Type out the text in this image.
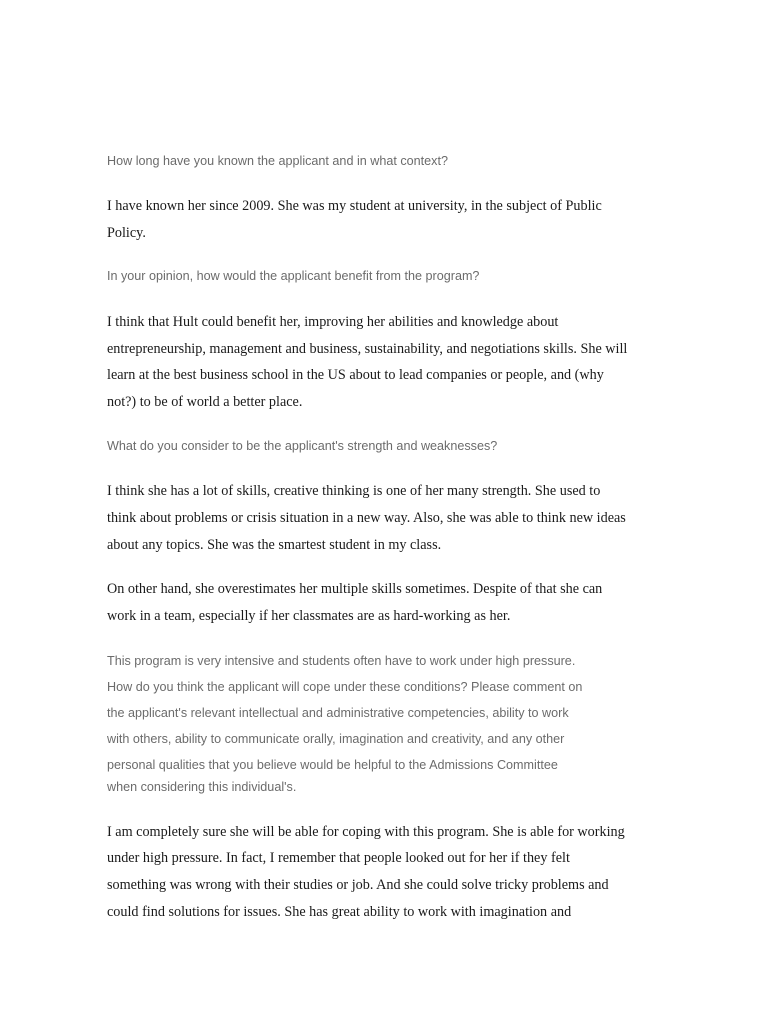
How long have you known the applicant and in what context?
I have known her since 2009. She was my student at university, in the subject of Public
Policy.
In your opinion, how would the applicant benefit from the program?
I think that Hult could benefit her, improving her abilities and knowledge about
entrepreneurship, management and business, sustainability, and negotiations skills. She will
learn at the best business school in the US about to lead companies or people, and (why
not?) to be of world a better place.
What do you consider to be the applicant's strength and weaknesses?
I think she has a lot of skills, creative thinking is one of her many strength. She used to
think about problems or crisis situation in a new way. Also, she was able to think new ideas
about any topics. She was the smartest student in my class.
On other hand, she overestimates her multiple skills sometimes. Despite of that she can
work in a team, especially if her classmates are as hard-working as her.
This program is very intensive and students often have to work under high pressure.
How do you think the applicant will cope under these conditions? Please comment on
the applicant's relevant intellectual and administrative competencies, ability to work
with others, ability to communicate orally, imagination and creativity, and any other
personal qualities that you believe would be helpful to the Admissions Committee
when considering this individual's.
I am completely sure she will be able for coping with this program. She is able for working
under high pressure. In fact, I remember that people looked out for her if they felt
something was wrong with their studies or job. And she could solve tricky problems and
could find solutions for issues. She has great ability to work with imagination and
